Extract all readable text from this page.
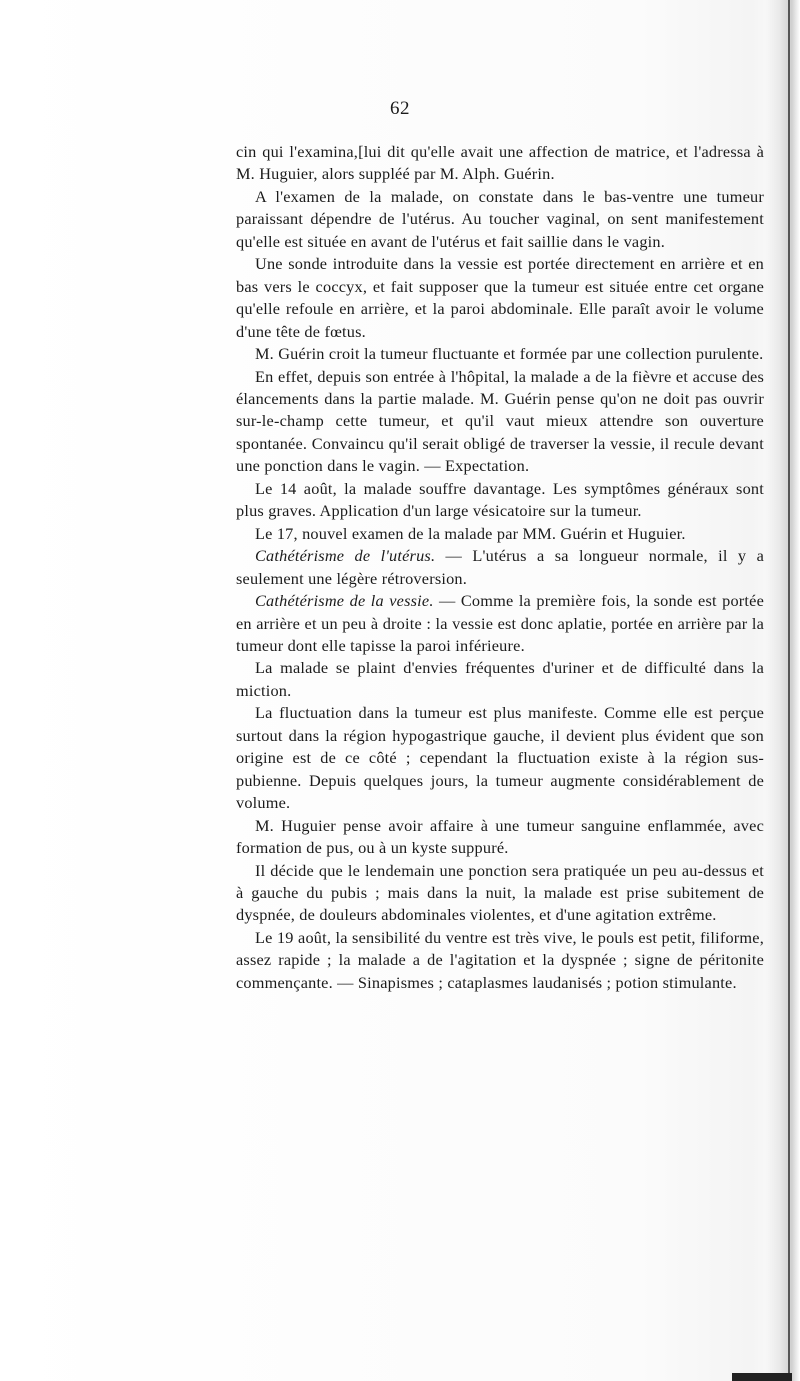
62

cin qui l'examina,[lui dit qu'elle avait une affection de matrice, et l'adressa à M. Huguier, alors suppléé par M. Alph. Guérin.

A l'examen de la malade, on constate dans le bas-ventre une tumeur paraissant dépendre de l'utérus. Au toucher vaginal, on sent manifestement qu'elle est située en avant de l'utérus et fait saillie dans le vagin.

Une sonde introduite dans la vessie est portée directement en arrière et en bas vers le coccyx, et fait supposer que la tumeur est située entre cet organe qu'elle refoule en arrière, et la paroi abdominale. Elle paraît avoir le volume d'une tête de fœtus.

M. Guérin croit la tumeur fluctuante et formée par une collection purulente.

En effet, depuis son entrée à l'hôpital, la malade a de la fièvre et accuse des élancements dans la partie malade. M. Guérin pense qu'on ne doit pas ouvrir sur-le-champ cette tumeur, et qu'il vaut mieux attendre son ouverture spontanée. Convaincu qu'il serait obligé de traverser la vessie, il recule devant une ponction dans le vagin. — Expectation.

Le 14 août, la malade souffre davantage. Les symptômes généraux sont plus graves. Application d'un large vésicatoire sur la tumeur.

Le 17, nouvel examen de la malade par MM. Guérin et Huguier.

Cathétérisme de l'utérus. — L'utérus a sa longueur normale, il y a seulement une légère rétroversion.

Cathétérisme de la vessie. — Comme la première fois, la sonde est portée en arrière et un peu à droite : la vessie est donc aplatie, portée en arrière par la tumeur dont elle tapisse la paroi inférieure.

La malade se plaint d'envies fréquentes d'uriner et de difficulté dans la miction.

La fluctuation dans la tumeur est plus manifeste. Comme elle est perçue surtout dans la région hypogastrique gauche, il devient plus évident que son origine est de ce côté ; cependant la fluctuation existe à la région sus-pubienne. Depuis quelques jours, la tumeur augmente considérablement de volume.

M. Huguier pense avoir affaire à une tumeur sanguine enflammée, avec formation de pus, ou à un kyste suppuré.

Il décide que le lendemain une ponction sera pratiquée un peu au-dessus et à gauche du pubis ; mais dans la nuit, la malade est prise subitement de dyspnée, de douleurs abdominales violentes, et d'une agitation extrême.

Le 19 août, la sensibilité du ventre est très vive, le pouls est petit, filiforme, assez rapide ; la malade a de l'agitation et la dyspnée ; signe de péritonite commençante. — Sinapismes ; cataplasmes laudanisés ; potion stimulante.
